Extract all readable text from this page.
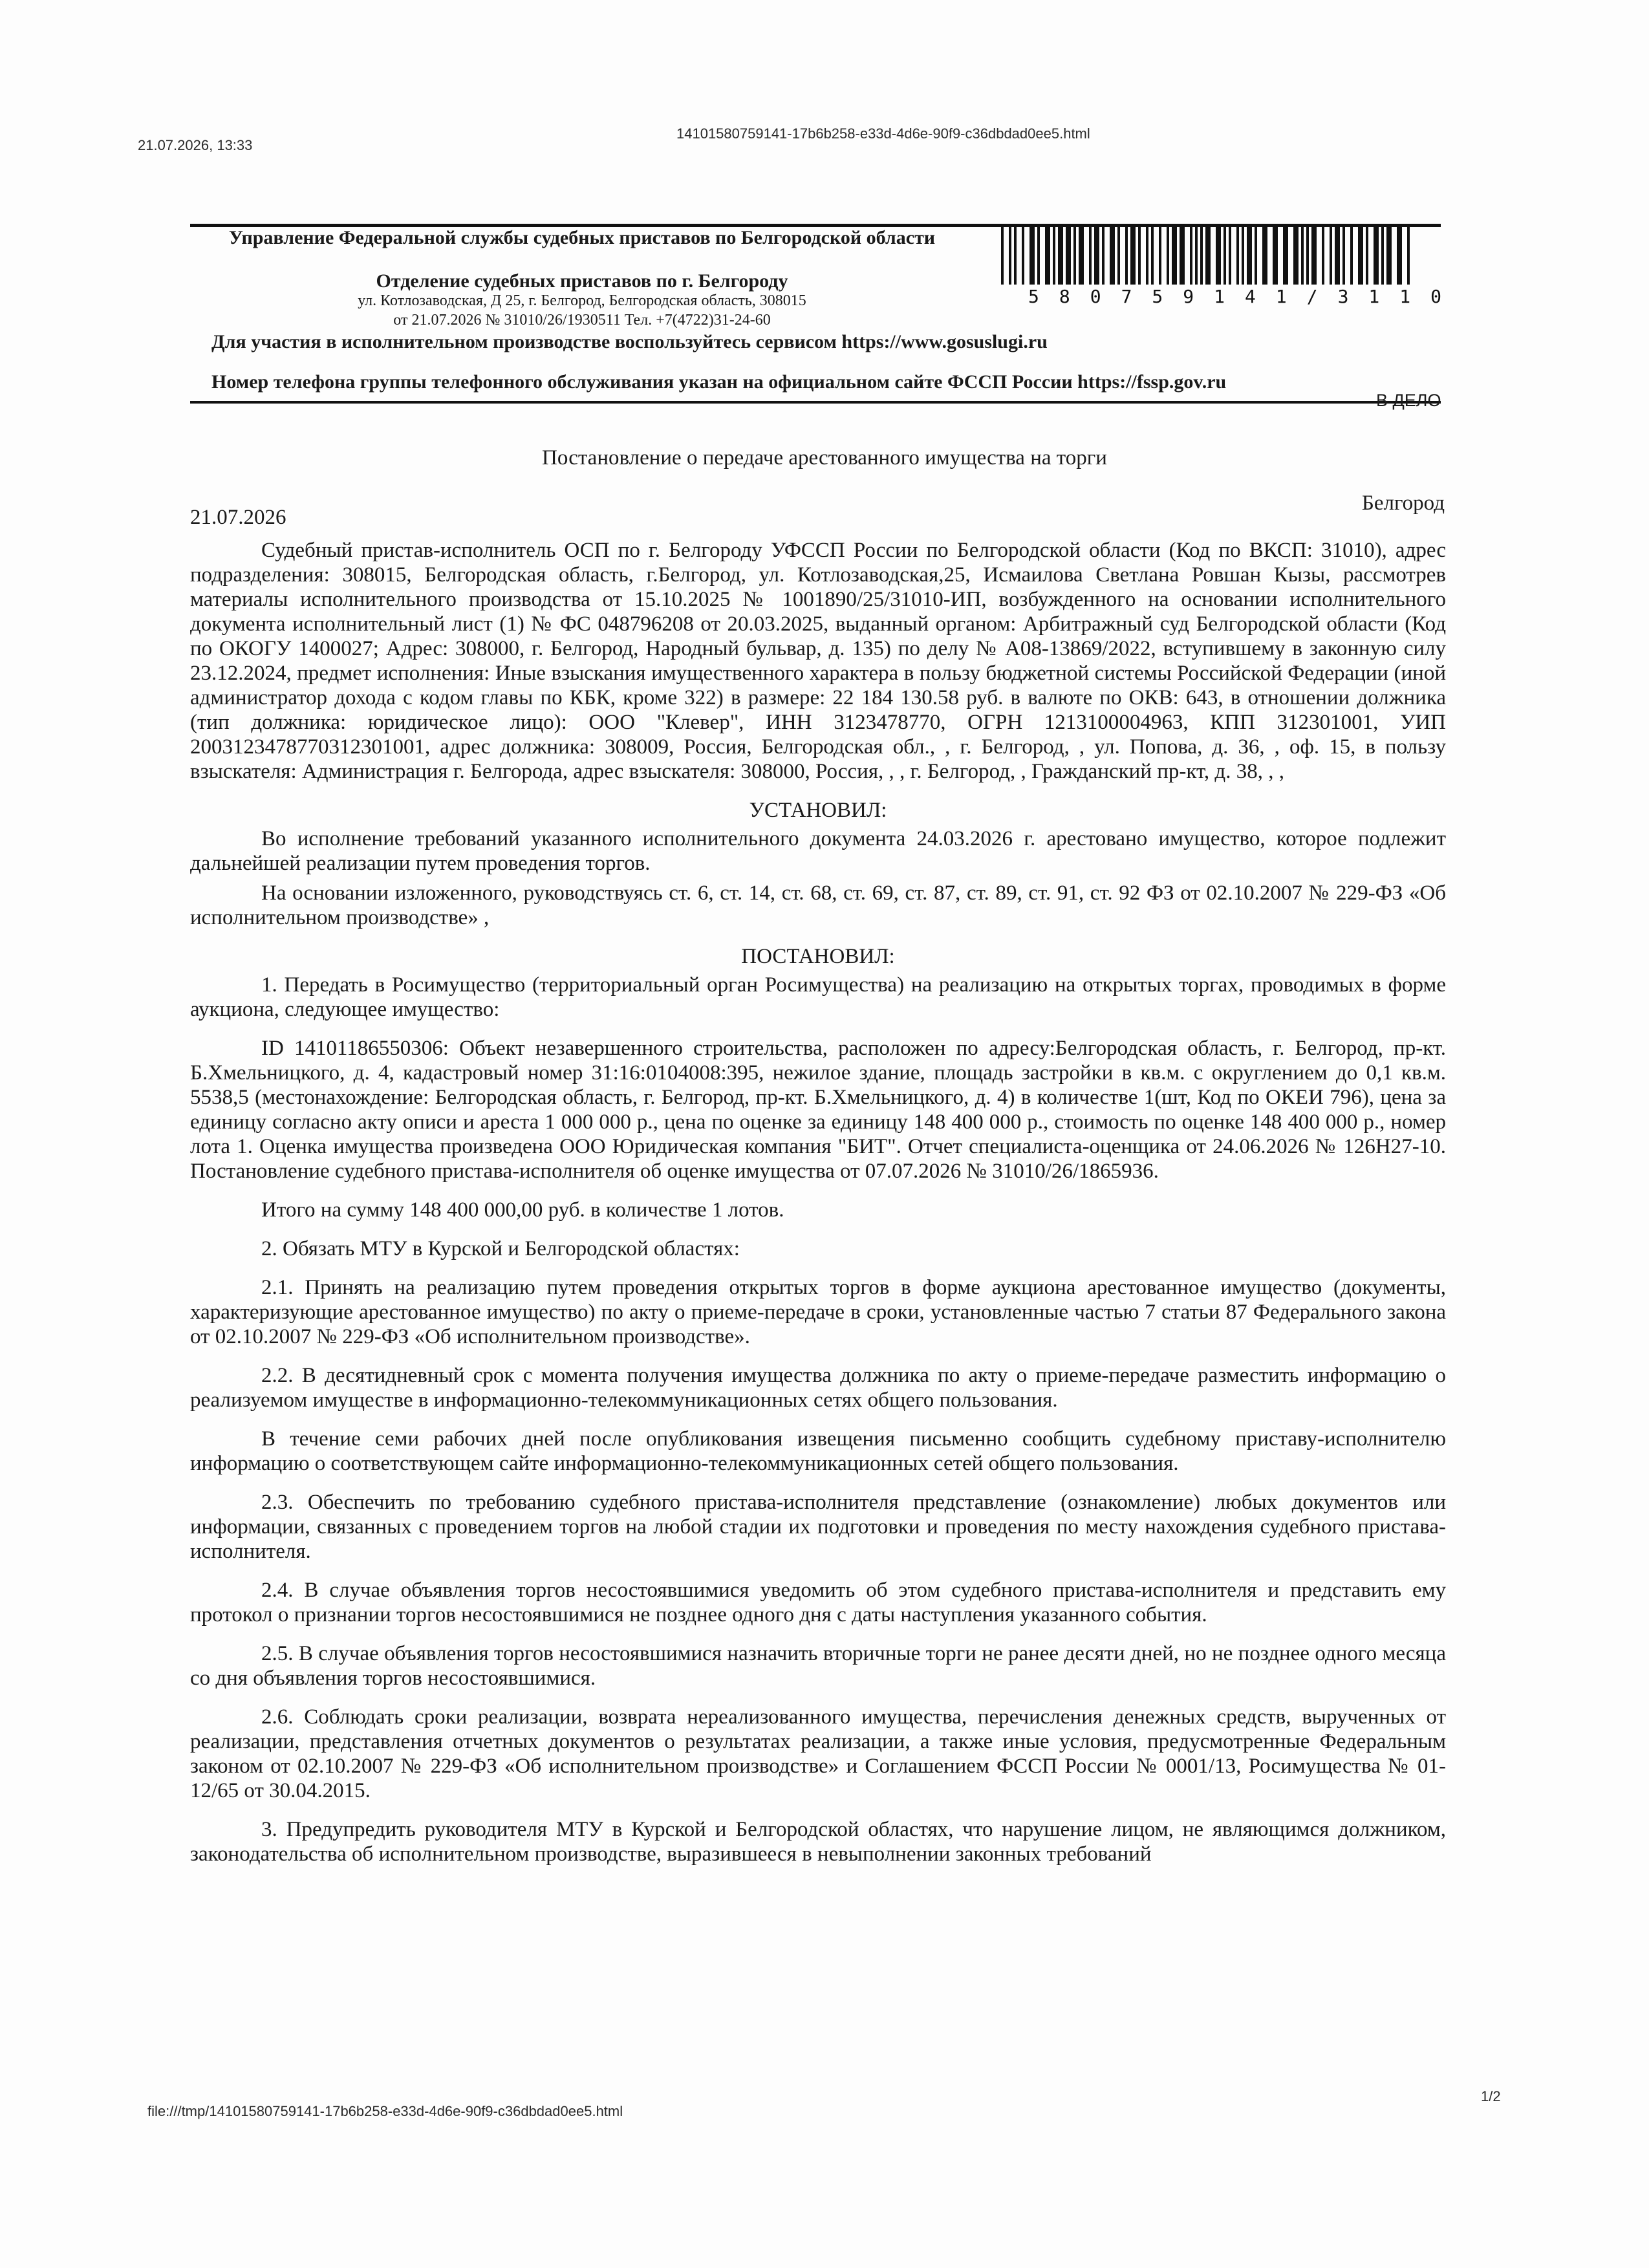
21.07.2026, 13:33
14101580759141-17b6b258-e33d-4d6e-90f9-c36dbdad0ee5.html
Управление Федеральной службы судебных приставов по Белгородской области
Отделение судебных приставов по г. Белгороду
ул. Котлозаводская, Д 25, г. Белгород, Белгородская область, 308015
от 21.07.2026 № 31010/26/1930511 Тел. +7(4722)31-24-60
580759141/3110
Для участия в исполнительном производстве воспользуйтесь сервисом https://www.gosuslugi.ru
Номер телефона группы телефонного обслуживания указан на официальном сайте ФССП России https://fssp.gov.ru
В ДЕЛО
Постановление о передаче арестованного имущества на торги
Белгород
21.07.2026

Судебный пристав-исполнитель ОСП по г. Белгороду УФССП России по Белгородской области (Код по ВКСП: 31010), адрес подразделения: 308015, Белгородская область, г.Белгород, ул. Котлозаводская,25, Исмаилова Светлана Ровшан Кызы, рассмотрев материалы исполнительного производства от 15.10.2025 № 1001890/25/31010-ИП, возбужденного на основании исполнительного документа исполнительный лист (1) № ФС 048796208 от 20.03.2025, выданный органом: Арбитражный суд Белгородской области (Код по ОКОГУ 1400027; Адрес: 308000, г. Белгород, Народный бульвар, д. 135) по делу № А08-13869/2022, вступившему в законную силу 23.12.2024, предмет исполнения: Иные взыскания имущественного характера в пользу бюджетной системы Российской Федерации (иной администратор дохода с кодом главы по КБК, кроме 322) в размере: 22 184 130.58 руб. в валюте по ОКВ: 643, в отношении должника (тип должника: юридическое лицо): ООО "Клевер", ИНН 3123478770, ОГРН 1213100004963, КПП 312301001, УИП 2003123478770312301001, адрес должника: 308009, Россия, Белгородская обл., , г. Белгород, , ул. Попова, д. 36, , оф. 15, в пользу взыскателя: Администрация г. Белгорода, адрес взыскателя: 308000, Россия, , , г. Белгород, , Гражданский пр-кт, д. 38, , ,

УСТАНОВИЛ:

Во исполнение требований указанного исполнительного документа 24.03.2026 г. арестовано имущество, которое подлежит дальнейшей реализации путем проведения торгов.

На основании изложенного, руководствуясь ст. 6, ст. 14, ст. 68, ст. 69, ст. 87, ст. 89, ст. 91, ст. 92 ФЗ от 02.10.2007 № 229-ФЗ «Об исполнительном производстве» ,

ПОСТАНОВИЛ:

1. Передать в Росимущество (территориальный орган Росимущества) на реализацию на открытых торгах, проводимых в форме аукциона, следующее имущество:

ID 14101186550306: Объект незавершенного строительства, расположен по адресу:Белгородская область, г. Белгород, пр-кт. Б.Хмельницкого, д. 4, кадастровый номер 31:16:0104008:395, нежилое здание, площадь застройки в кв.м. с округлением до 0,1 кв.м. 5538,5 (местонахождение: Белгородская область, г. Белгород, пр-кт. Б.Хмельницкого, д. 4) в количестве 1(шт, Код по ОКЕИ 796), цена за единицу согласно акту описи и ареста 1 000 000 р., цена по оценке за единицу 148 400 000 р., стоимость по оценке 148 400 000 р., номер лота 1. Оценка имущества произведена ООО Юридическая компания "БИТ". Отчет специалиста-оценщика от 24.06.2026 № 126Н27-10. Постановление судебного пристава-исполнителя об оценке имущества от 07.07.2026 № 31010/26/1865936.

Итого на сумму 148 400 000,00 руб. в количестве 1 лотов.

2. Обязать МТУ в Курской и Белгородской областях:

2.1. Принять на реализацию путем проведения открытых торгов в форме аукциона арестованное имущество (документы, характеризующие арестованное имущество) по акту о приеме-передаче в сроки, установленные частью 7 статьи 87 Федерального закона от 02.10.2007 № 229-ФЗ «Об исполнительном производстве».

2.2. В десятидневный срок с момента получения имущества должника по акту о приеме-передаче разместить информацию о реализуемом имуществе в информационно-телекоммуникационных сетях общего пользования.

В течение семи рабочих дней после опубликования извещения письменно сообщить судебному приставу-исполнителю информацию о соответствующем сайте информационно-телекоммуникационных сетей общего пользования.

2.3. Обеспечить по требованию судебного пристава-исполнителя представление (ознакомление) любых документов или информации, связанных с проведением торгов на любой стадии их подготовки и проведения по месту нахождения судебного пристава-исполнителя.

2.4. В случае объявления торгов несостоявшимися уведомить об этом судебного пристава-исполнителя и представить ему протокол о признании торгов несостоявшимися не позднее одного дня с даты наступления указанного события.

2.5. В случае объявления торгов несостоявшимися назначить вторичные торги не ранее десяти дней, но не позднее одного месяца со дня объявления торгов несостоявшимися.

2.6. Соблюдать сроки реализации, возврата нереализованного имущества, перечисления денежных средств, вырученных от реализации, представления отчетных документов о результатах реализации, а также иные условия, предусмотренные Федеральным законом от 02.10.2007 № 229-ФЗ «Об исполнительном производстве» и Соглашением ФССП России № 0001/13, Росимущества № 01-12/65 от 30.04.2015.

3. Предупредить руководителя МТУ в Курской и Белгородской областях, что нарушение лицом, не являющимся должником, законодательства об исполнительном производстве, выразившееся в невыполнении законных требований

1/2
file:///tmp/14101580759141-17b6b258-e33d-4d6e-90f9-c36dbdad0ee5.html
